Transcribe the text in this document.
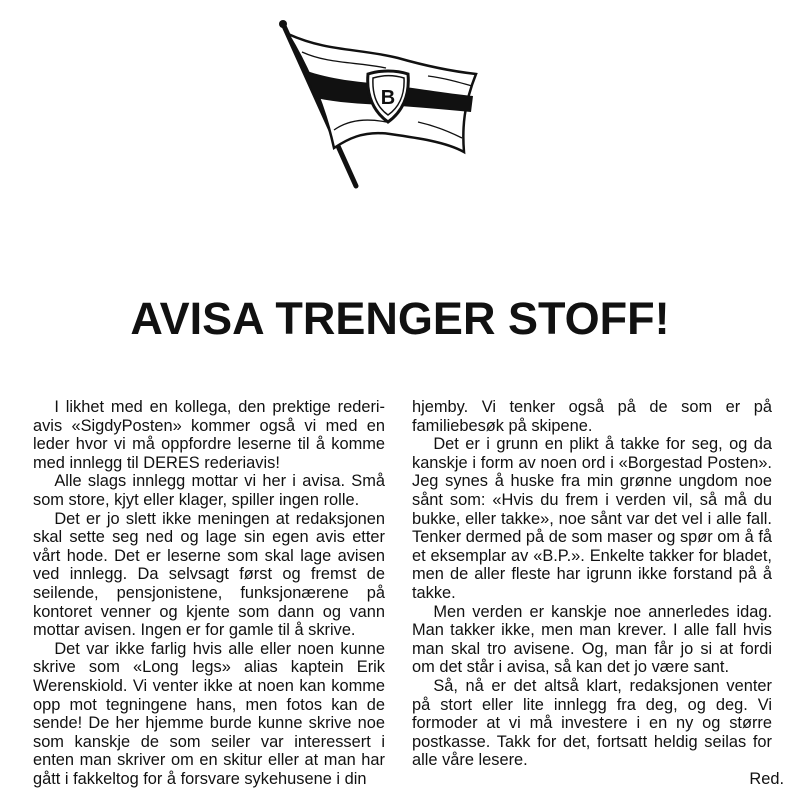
B
AVISA TRENGER STOFF!

I likhet med en kollega, den prektige rederi-avis «SigdyPosten» kommer også vi med en leder hvor vi må oppfordre leserne til å komme med innlegg til DERES rederiavis!

Alle slags innlegg mottar vi her i avisa. Små som store, kjyt eller klager, spiller ingen rolle.

Det er jo slett ikke meningen at redaksjonen skal sette seg ned og lage sin egen avis etter vårt hode. Det er leserne som skal lage avisen ved innlegg. Da selvsagt først og fremst de seilende, pensjonistene, funksjonærene på kontoret venner og kjente som dann og vann mottar avisen. Ingen er for gamle til å skrive.

Det var ikke farlig hvis alle eller noen kunne skrive som «Long legs» alias kaptein Erik Werenskiold. Vi venter ikke at noen kan komme opp mot tegningene hans, men fotos kan de sende! De her hjemme burde kunne skrive noe som kanskje de som seiler var interessert i enten man skriver om en skitur eller at man har gått i fakkeltog for å forsvare sykehusene i din

hjemby. Vi tenker også på de som er på familiebesøk på skipene.

Det er i grunn en plikt å takke for seg, og da kanskje i form av noen ord i «Borgestad Posten». Jeg synes å huske fra min grønne ungdom noe sånt som: «Hvis du frem i verden vil, så må du bukke, eller takke», noe sånt var det vel i alle fall. Tenker dermed på de som maser og spør om å få et eksemplar av «B.P.». Enkelte takker for bladet, men de aller fleste har igrunn ikke forstand på å takke.

Men verden er kanskje noe annerledes idag. Man takker ikke, men man krever. I alle fall hvis man skal tro avisene. Og, man får jo si at fordi om det står i avisa, så kan det jo være sant.

Så, nå er det altså klart, redaksjonen venter på stort eller lite innlegg fra deg, og deg. Vi formoder at vi må investere i en ny og større postkasse. Takk for det, fortsatt heldig seilas for alle våre lesere.

Red.
